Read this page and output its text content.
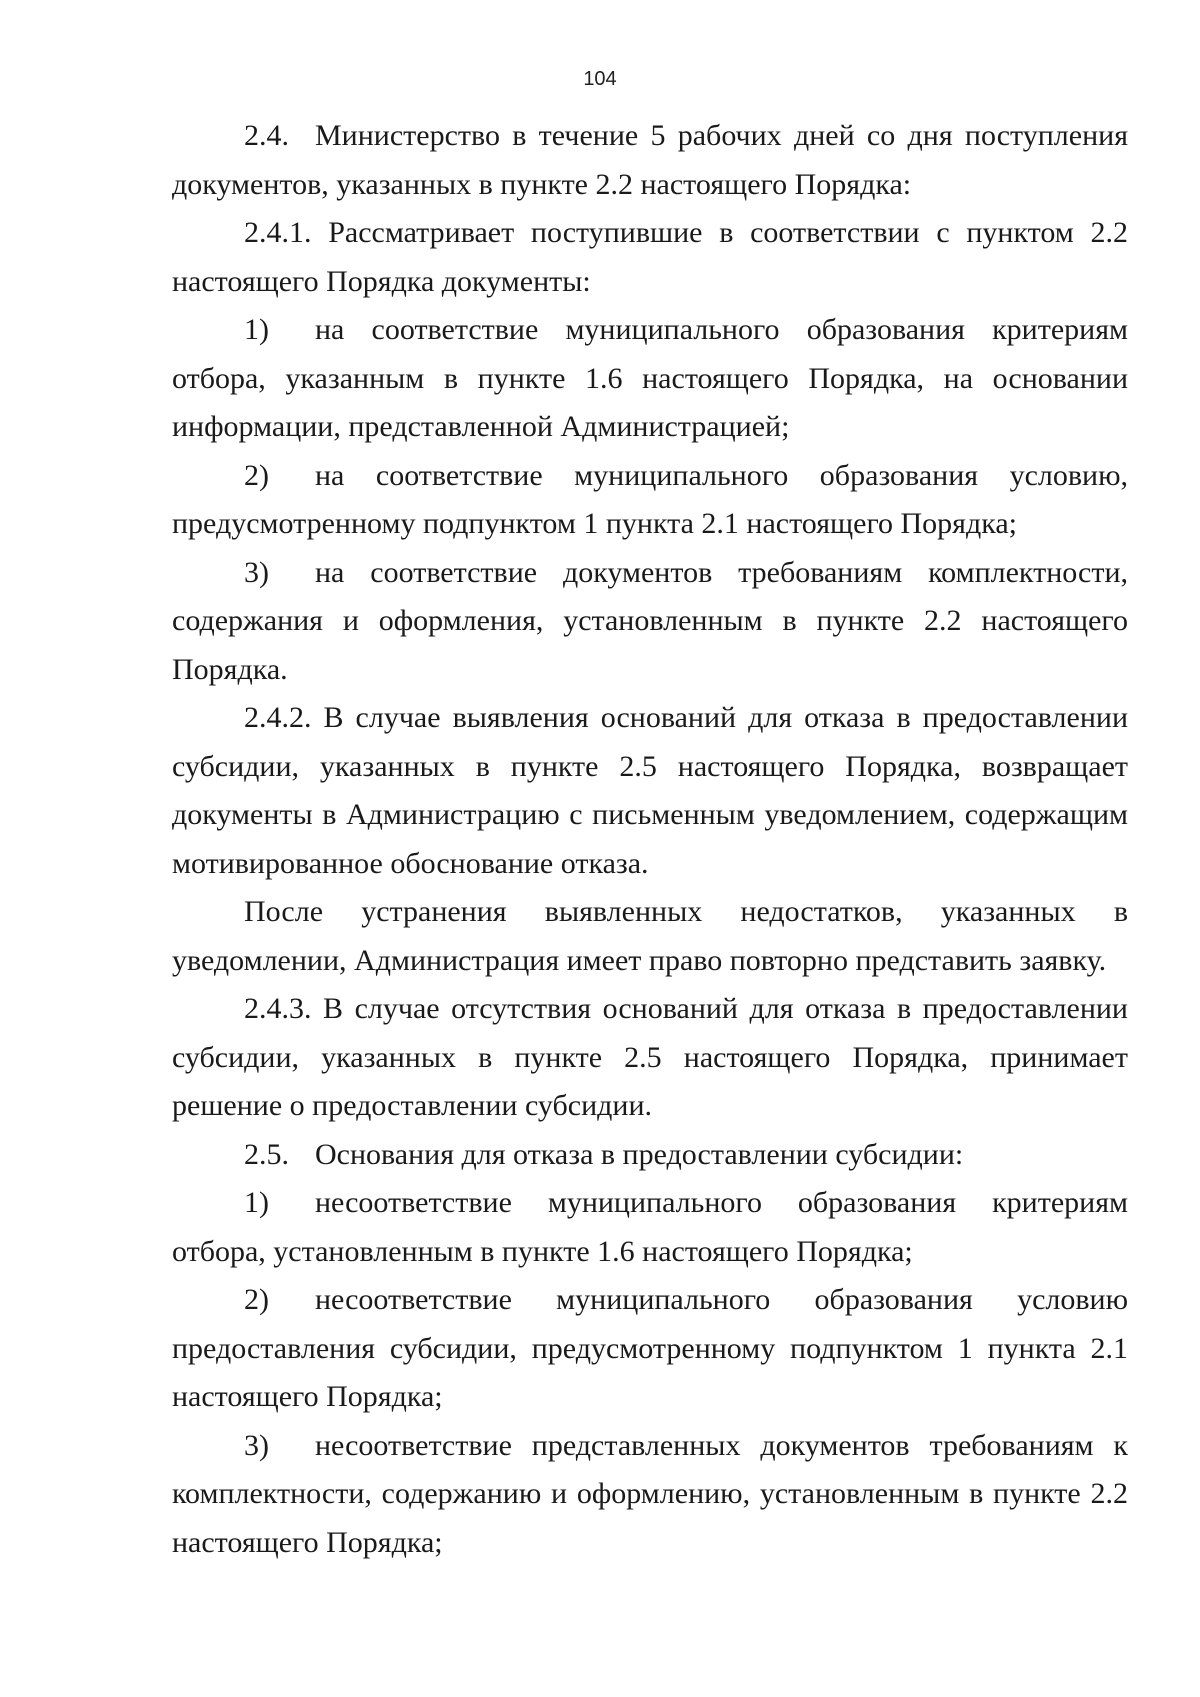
104

2.4. Министерство в течение 5 рабочих дней со дня поступления документов, указанных в пункте 2.2 настоящего Порядка:

2.4.1. Рассматривает поступившие в соответствии с пунктом 2.2 настоящего Порядка документы:

1) на соответствие муниципального образования критериям отбора, указанным в пункте 1.6 настоящего Порядка, на основании информации, представленной Администрацией;

2) на соответствие муниципального образования условию, предусмотренному подпунктом 1 пункта 2.1 настоящего Порядка;

3) на соответствие документов требованиям комплектности, содержания и оформления, установленным в пункте 2.2 настоящего Порядка.

2.4.2. В случае выявления оснований для отказа в предоставлении субсидии, указанных в пункте 2.5 настоящего Порядка, возвращает документы в Администрацию с письменным уведомлением, содержащим мотивированное обоснование отказа.

После устранения выявленных недостатков, указанных в уведомлении, Администрация имеет право повторно представить заявку.

2.4.3. В случае отсутствия оснований для отказа в предоставлении субсидии, указанных в пункте 2.5 настоящего Порядка, принимает решение о предоставлении субсидии.

2.5. Основания для отказа в предоставлении субсидии:

1) несоответствие муниципального образования критериям отбора, установленным в пункте 1.6 настоящего Порядка;

2) несоответствие муниципального образования условию предоставления субсидии, предусмотренному подпунктом 1 пункта 2.1 настоящего Порядка;

3) несоответствие представленных документов требованиям к комплектности, содержанию и оформлению, установленным в пункте 2.2 настоящего Порядка;
